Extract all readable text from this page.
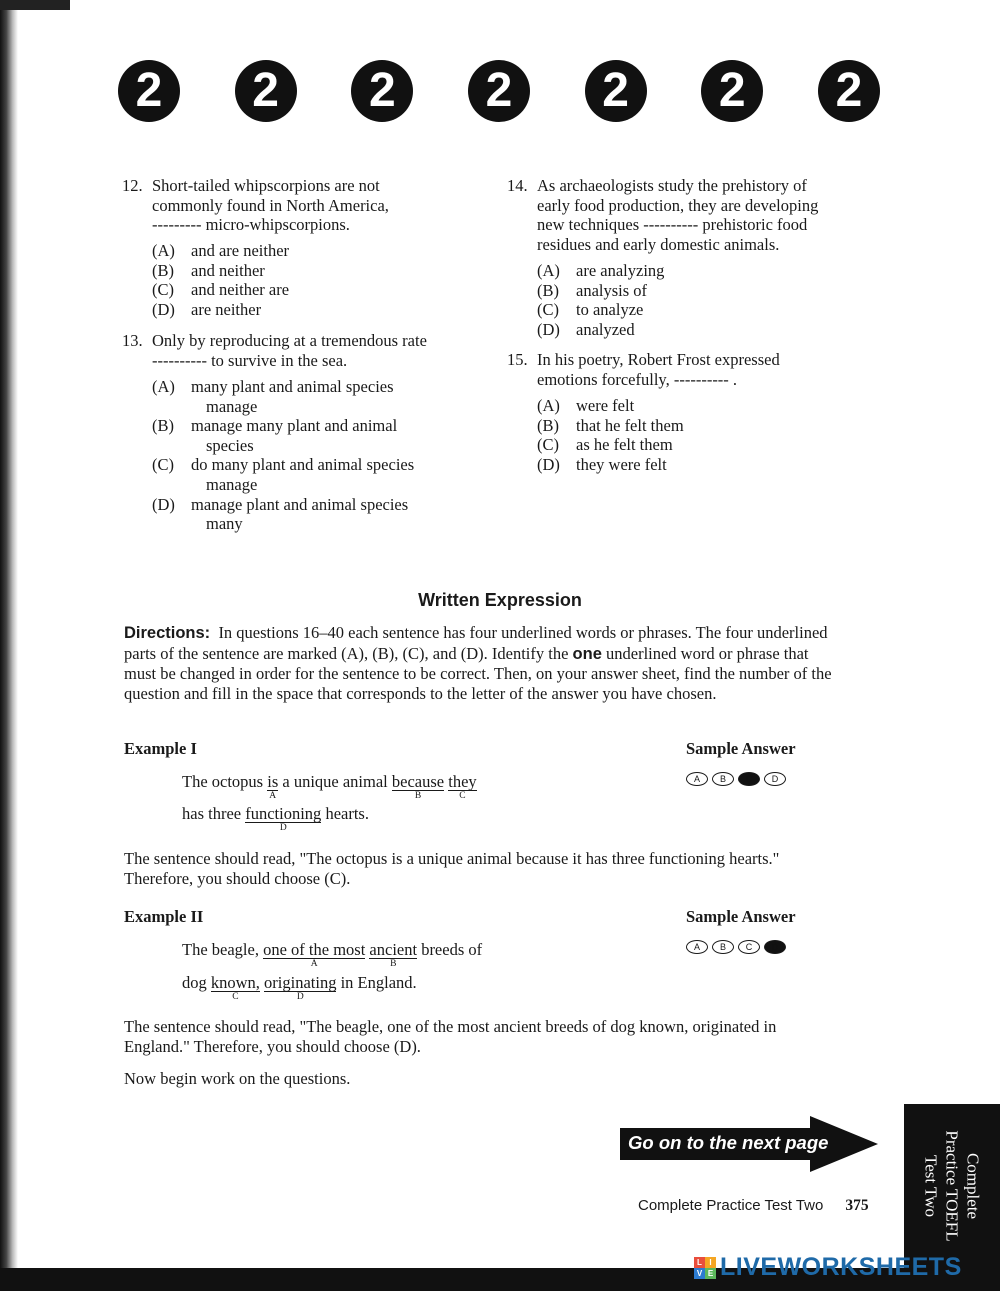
2	2	2	2	2	2	2
12. Short-tailed whipscorpions are not
commonly found in North America,
--------- micro-whipscorpions.
(A) and are neither
(B)	and neither
(C)	and neither are
(D) are neither
13. Only by reproducing at a tremendous rate
---------- to survive in the sea.
(A) many plant and animal species
manage
(B)	manage many plant and animal
species
(C)	do many plant and animal species
manage
(D) manage plant and animal species
many
14. As archaeologists study the prehistory of
early food production, they are developing
new techniques ---------- prehistoric food
residues and early domestic animals.
(A) are analyzing
(B)	analysis of
(C)	to analyze
(D) analyzed
15. In his poetry, Robert Frost expressed
emotions forcefully, ---------- .
(A) were felt
(B)	that he felt them
(C)	as he felt them
(D) they were felt
Written Expression

Directions: In questions 16–40 each sentence has four underlined words or phrases. The four underlined parts of the sentence are marked (A), (B), (C), and (D). Identify the one underlined word or phrase that must be changed in order for the sentence to be correct. Then, on your answer sheet, find the number of the question and fill in the space that corresponds to the letter of the answer you have chosen.

Example I	Sample Answer
The octopus is
A
a unique animal because
B
they
C
has three functioning
D
hearts.
A	B	C	D
The sentence should read, "The octopus is a unique animal because it has three functioning hearts." Therefore, you should choose (C).
Example II	Sample Answer
The beagle, one of the most
A
ancient
B
breeds of
dog known,
C
originating
D
in England.
A	B	C	D
The sentence should read, "The beagle, one of the most ancient breeds of dog known, originated in England." Therefore, you should choose (D).
Now begin work on the questions.
Go on to the next page
Complete Practice Test Two 375	Complete
Practice TOEFL
Test Two
L I
V E LIVEWORKSHEETS
